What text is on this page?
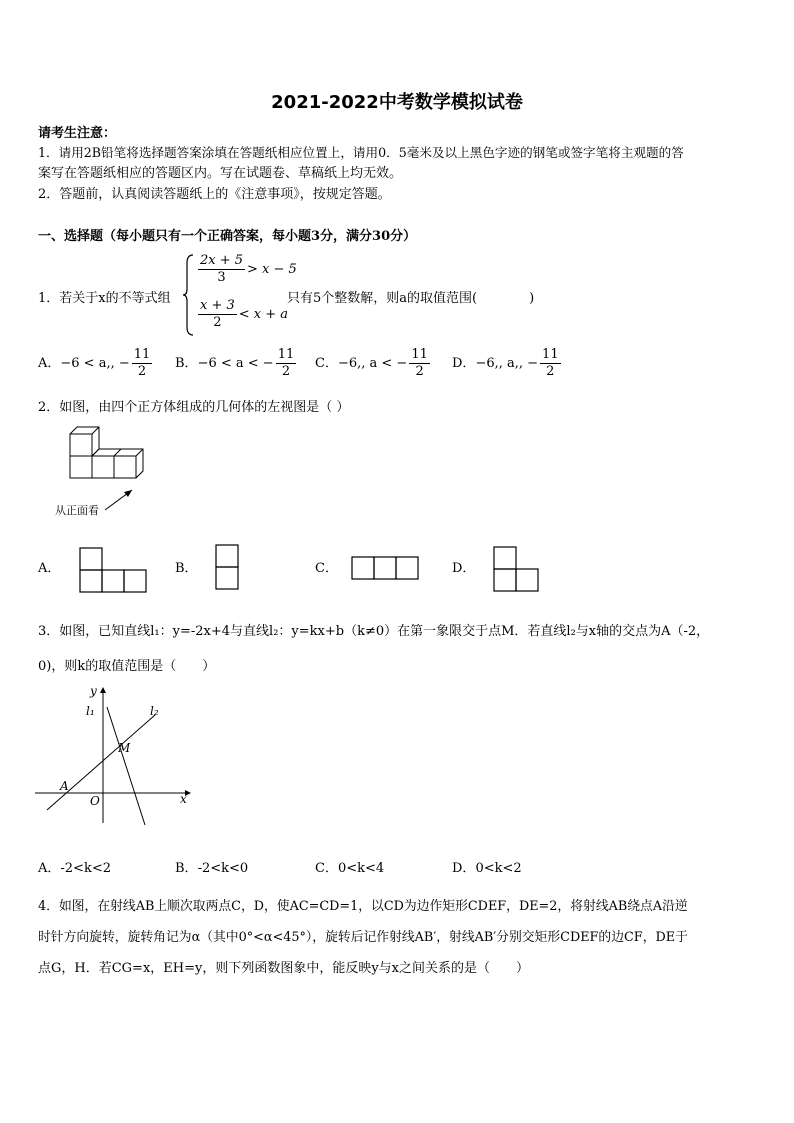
2021-2022中考数学模拟试卷
请考生注意：
1．请用2B铅笔将选择题答案涂填在答题纸相应位置上，请用0．5毫米及以上黑色字迹的钢笔或签字笔将主观题的答
案写在答题纸相应的答题区内。写在试题卷、草稿纸上均无效。
2．答题前，认真阅读答题纸上的《注意事项》，按规定答题。
一、选择题（每小题只有一个正确答案，每小题3分，满分30分）
1．若关于x的不等式组
$\frac{2x + 5}{3} > x - 5$
$\frac{x + 3}{2} < x + a$
只有5个整数解，则a的取值范围(　　　　)
A．−6 < a,, − $\frac{11}{2}$ B．−6 < a < − $\frac{11}{2}$ C．−6,, a < − $\frac{11}{2}$ D．−6,, a,, − $\frac{11}{2}$
2．如图，由四个正方体组成的几何体的左视图是（ ）
从正面看
A．	B．	C．	D．
3．如图，已知直线l₁：y=-2x+4与直线l₂：y=kx+b（k≠0）在第一象限交于点M．若直线l₂与x轴的交点为A（-2，
0)，则k的取值范围是（　　）
y
x
l₁	l₂
M
A
O
A．-2<k<2	B．-2<k<0	C．0<k<4	D．0<k<2
4．如图，在射线AB上顺次取两点C，D，使AC=CD=1，以CD为边作矩形CDEF，DE=2，将射线AB绕点A沿逆
时针方向旋转，旋转角记为α（其中0°<α<45°），旋转后记作射线AB′，射线AB′分别交矩形CDEF的边CF，DE于
点G，H．若CG=x，EH=y，则下列函数图象中，能反映y与x之间关系的是（　　）
